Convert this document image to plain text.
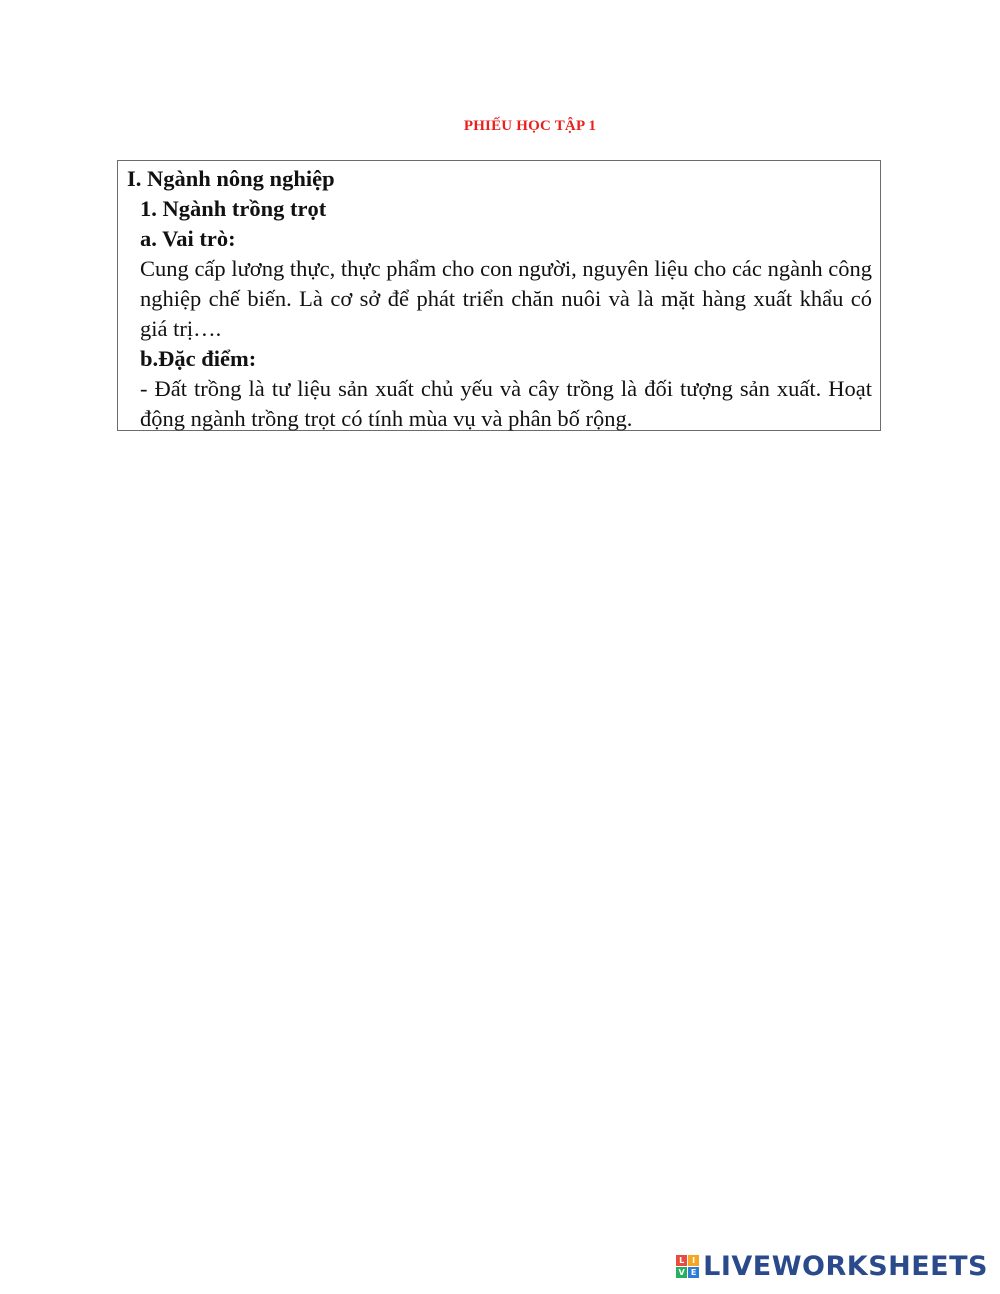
PHIẾU HỌC TẬP 1
I. Ngành nông nghiệp
1. Ngành trồng trọt
a. Vai trò:
Cung cấp lương thực, thực phẩm cho con người, nguyên liệu cho các ngành công nghiệp chế biến. Là cơ sở để phát triển chăn nuôi và là mặt hàng xuất khẩu có giá trị….
b.Đặc điểm:
- Đất trồng là tư liệu sản xuất chủ yếu và cây trồng là đối tượng sản xuất. Hoạt động ngành trồng trọt có tính mùa vụ và phân bố rộng.
L I
V E LIVEWORKSHEETS
